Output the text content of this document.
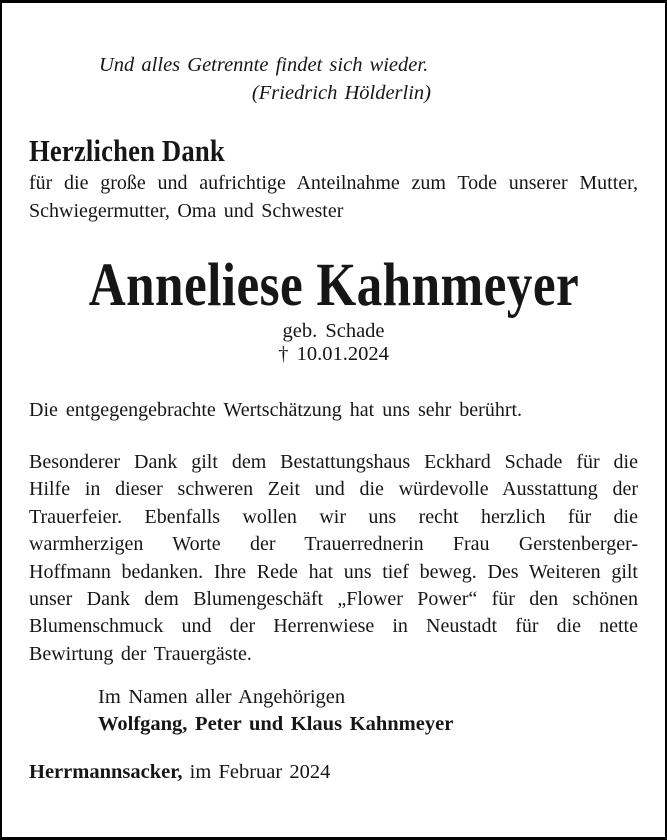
Und alles Getrennte findet sich wieder.
(Friedrich Hölderlin)
Herzlichen Dank
für die große und aufrichtige Anteilnahme zum Tode unserer Mutter,
Schwiegermutter, Oma und Schwester
Anneliese Kahnmeyer
geb. Schade
† 10.01.2024
Die entgegengebrachte Wertschätzung hat uns sehr berührt.
Besonderer Dank gilt dem Bestattungshaus Eckhard Schade für die
Hilfe in dieser schweren Zeit und die würdevolle Ausstattung der
Trauerfeier. Ebenfalls wollen wir uns recht herzlich für die
warmherzigen Worte der Trauerrednerin Frau Gerstenberger-
Hoffmann bedanken. Ihre Rede hat uns tief beweg. Des Weiteren gilt
unser Dank dem Blumengeschäft „Flower Power“ für den schönen
Blumenschmuck und der Herrenwiese in Neustadt für die nette
Bewirtung der Trauergäste.
Im Namen aller Angehörigen
Wolfgang, Peter und Klaus Kahnmeyer
Herrmannsacker, im Februar 2024
